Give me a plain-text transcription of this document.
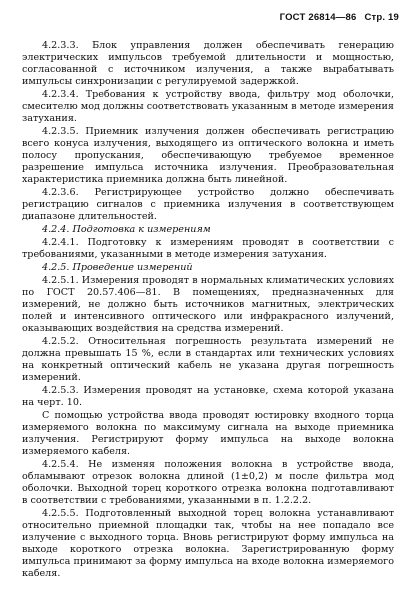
ГОСТ 26814—86 Стр. 19

4.2.3.3. Блок управления должен обеспечивать генерацию электрических импульсов требуемой длительности и мощностью, согласованной с источником излучения, а также вырабатывать импульсы синхронизации с регулируемой задержкой.

4.2.3.4. Требования к устройству ввода, фильтру мод оболочки, смесителю мод должны соответствовать указанным в методе измерения затухания.

4.2.3.5. Приемник излучения должен обеспечивать регистрацию всего конуса излучения, выходящего из оптического волокна и иметь полосу пропускания, обеспечивающую требуемое временное разрешение импульса источника излучения. Преобразовательная характеристика приемника должна быть линейной.

4.2.3.6. Регистрирующее устройство должно обеспечивать регистрацию сигналов с приемника излучения в соответствующем диапазоне длительностей.

4.2.4. Подготовка к измерениям

4.2.4.1. Подготовку к измерениям проводят в соответствии с требованиями, указанными в методе измерения затухания.

4.2.5. Проведение измерений

4.2.5.1. Измерения проводят в нормальных климатических условиях по ГОСТ 20.57.406—81. В помещениях, предназначенных для измерений, не должно быть источников магнитных, электрических полей и интенсивного оптического или инфракрасного излучений, оказывающих воздействия на средства измерений.

4.2.5.2. Относительная погрешность результата измерений не должна превышать 15 %, если в стандартах или технических условиях на конкретный оптический кабель не указана другая погрешность измерений.

4.2.5.3. Измерения проводят на установке, схема которой указана на черт. 10.

С помощью устройства ввода проводят юстировку входного торца измеряемого волокна по максимуму сигнала на выходе приемника излучения. Регистрируют форму импульса на выходе волокна измеряемого кабеля.

4.2.5.4. Не изменяя положения волокна в устройстве ввода, обламывают отрезок волокна длиной (1±0,2) м после фильтра мод оболочки. Выходной торец короткого отрезка волокна подготавливают в соответствии с требованиями, указанными в п. 1.2.2.2.

4.2.5.5. Подготовленный выходной торец волокна устанавливают относительно приемной площадки так, чтобы на нее попадало все излучение с выходного торца. Вновь регистрируют форму импульса на выходе короткого отрезка волокна. Зарегистрированную форму импульса принимают за форму импульса на входе волокна измеряемого кабеля.
